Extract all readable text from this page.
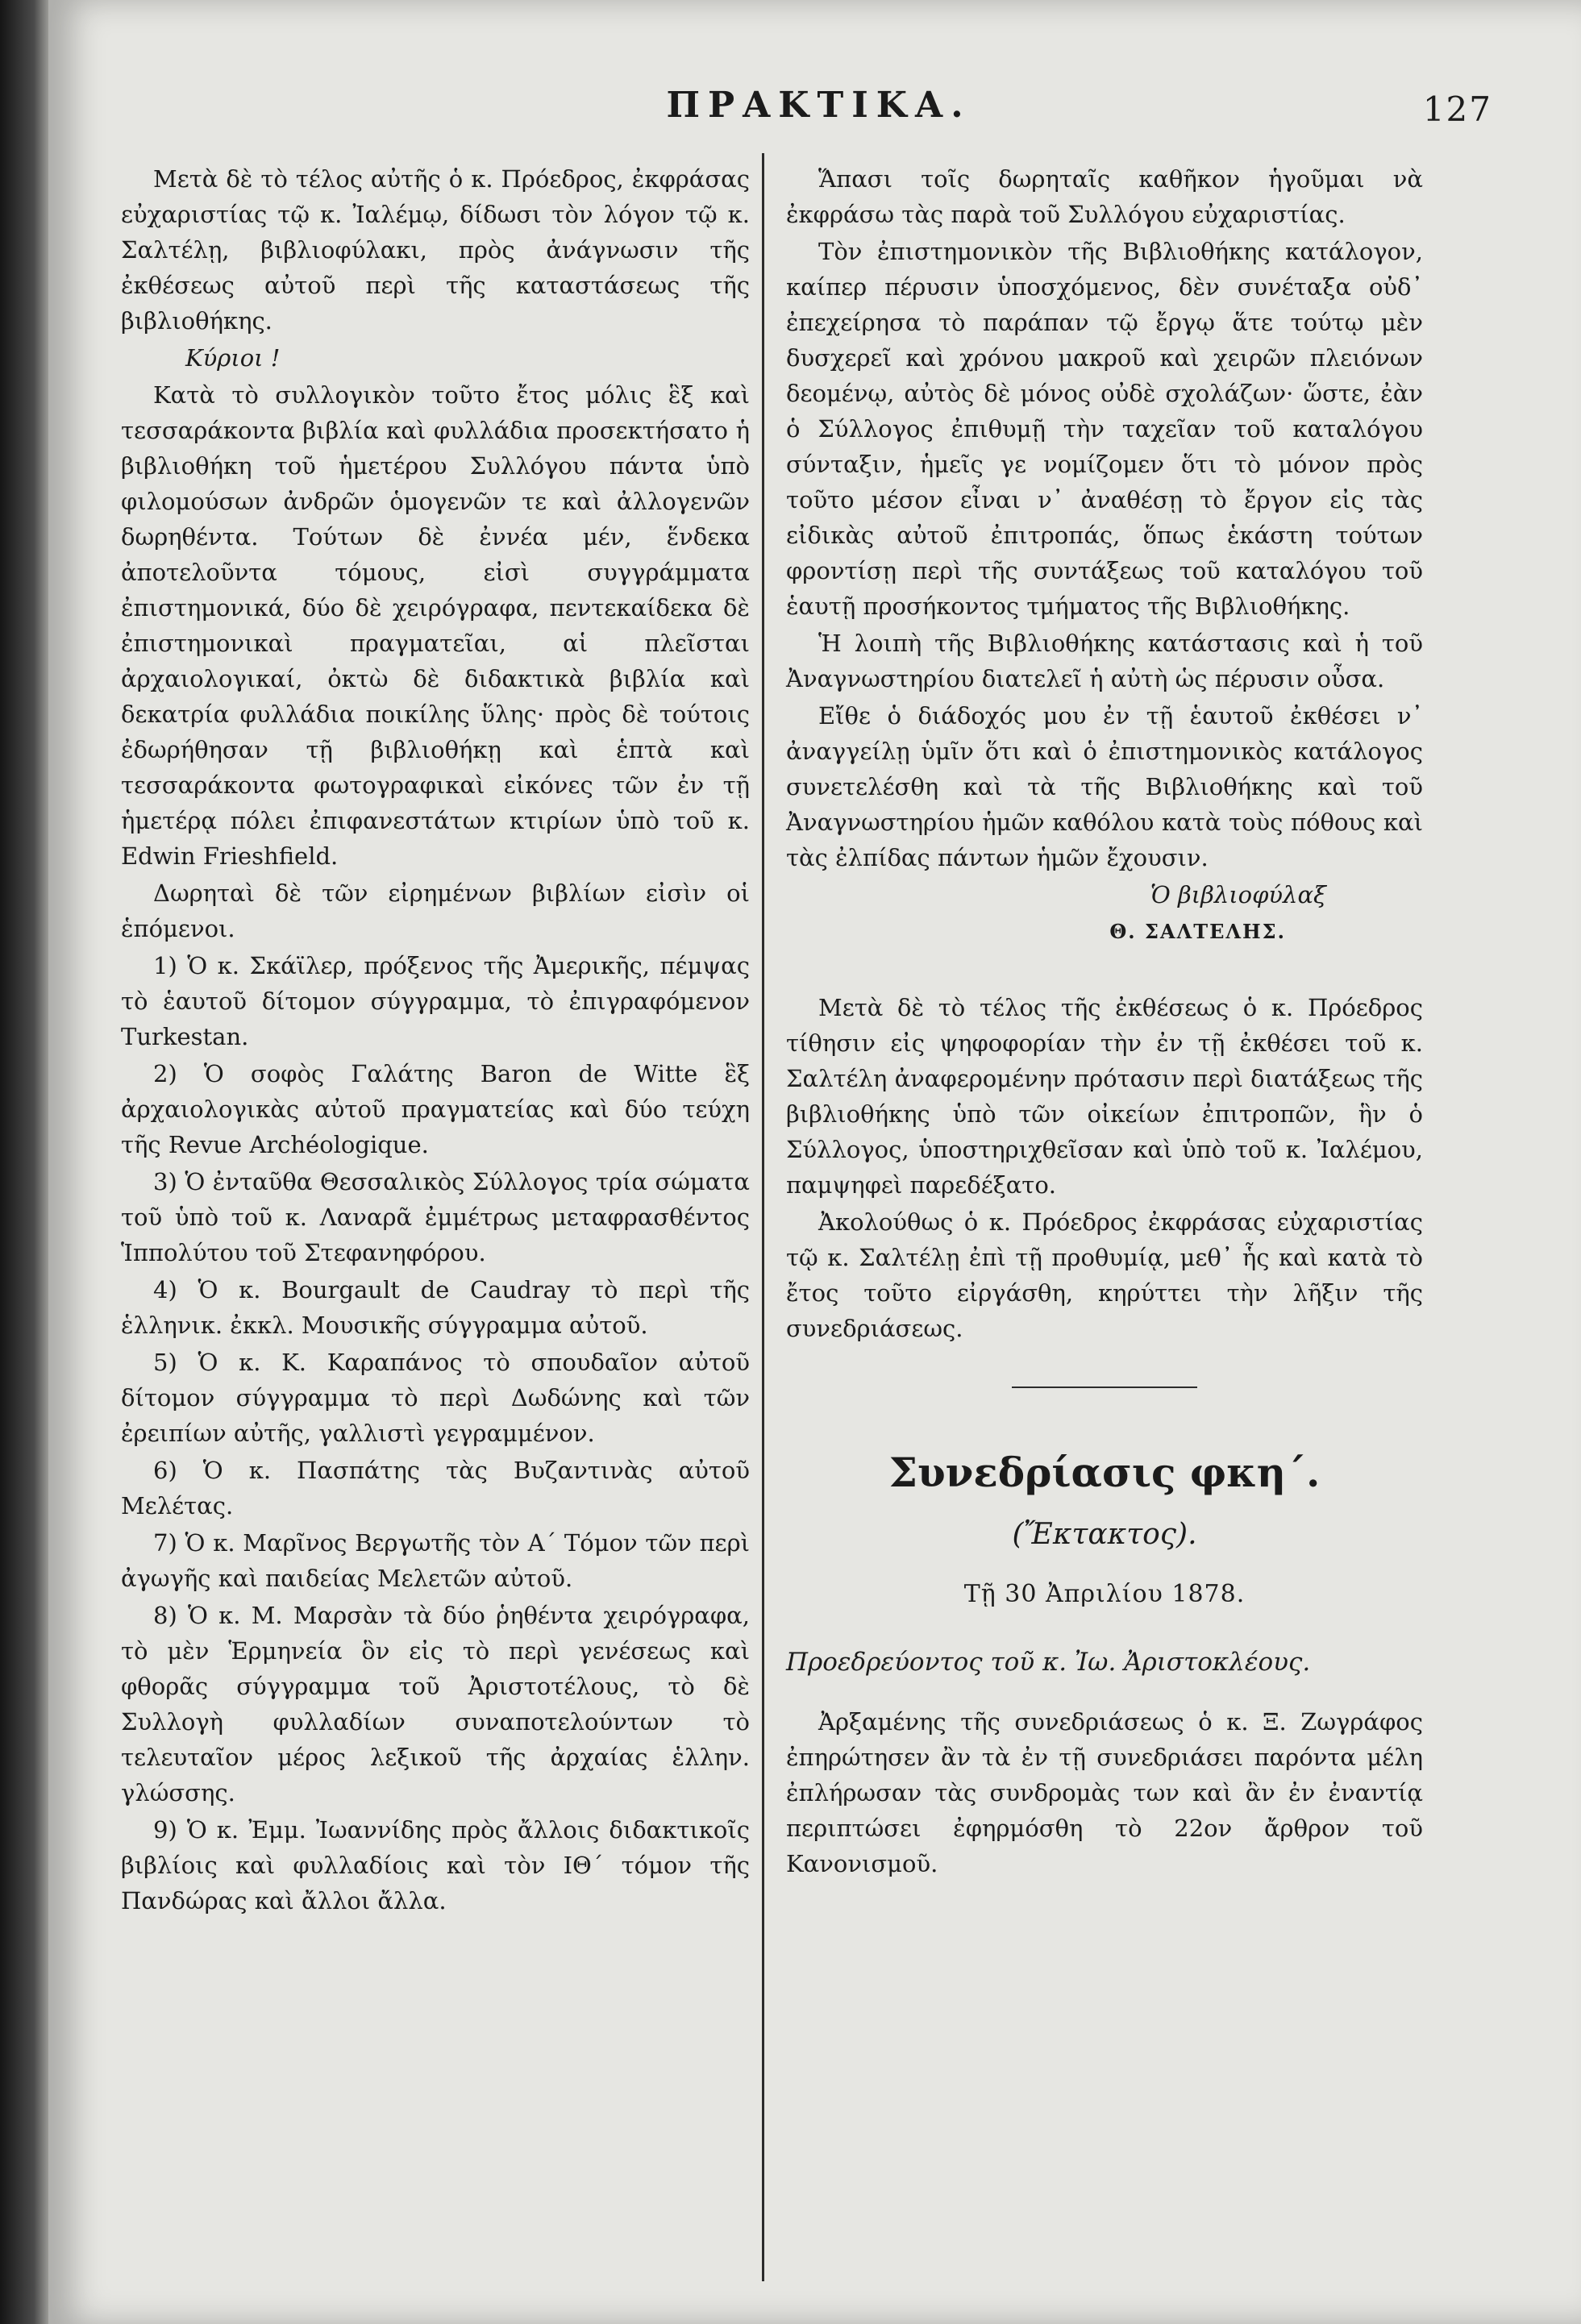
ΠΡΑΚΤΙΚΑ.	127

Μετὰ δὲ τὸ τέλος αὐτῆς ὁ κ. Πρόεδρος, ἐκφράσας εὐχαριστίας τῷ κ. Ἰαλέμῳ, δίδωσι τὸν λόγον τῷ κ. Σαλτέλῃ, βιβλιοφύλακι, πρὸς ἀνάγνωσιν τῆς ἐκθέσεως αὐτοῦ περὶ τῆς καταστάσεως τῆς βιβλιοθήκης.

Κύριοι !

Κατὰ τὸ συλλογικὸν τοῦτο ἔτος μόλις ἓξ καὶ τεσσαράκοντα βιβλία καὶ φυλλάδια προσεκτήσατο ἡ βιβλιοθήκη τοῦ ἡμετέρου Συλλόγου πάντα ὑπὸ φιλομούσων ἀνδρῶν ὁμογενῶν τε καὶ ἀλλογενῶν δωρηθέντα. Τούτων δὲ ἐννέα μέν, ἕνδεκα ἀποτελοῦντα τόμους, εἰσὶ συγγράμματα ἐπιστημονικά, δύο δὲ χειρόγραφα, πεντεκαίδεκα δὲ ἐπιστημονικαὶ πραγματεῖαι, αἱ πλεῖσται ἀρχαιολογικαί, ὀκτὼ δὲ διδακτικὰ βιβλία καὶ δεκατρία φυλλάδια ποικίλης ὕλης· πρὸς δὲ τούτοις ἐδωρήθησαν τῇ βιβλιοθήκῃ καὶ ἑπτὰ καὶ τεσσαράκοντα φωτογραφικαὶ εἰκόνες τῶν ἐν τῇ ἡμετέρᾳ πόλει ἐπιφανεστάτων κτιρίων ὑπὸ τοῦ κ. Edwin Frieshfield.

Δωρηταὶ δὲ τῶν εἰρημένων βιβλίων εἰσὶν οἱ ἑπόμενοι.

1) Ὁ κ. Σκάϊλερ, πρόξενος τῆς Ἀμερικῆς, πέμψας τὸ ἑαυτοῦ δίτομον σύγγραμμα, τὸ ἐπιγραφόμενον Turkestan.

2) Ὁ σοφὸς Γαλάτης Baron de Witte ἓξ ἀρχαιολογικὰς αὐτοῦ πραγματείας καὶ δύο τεύχη τῆς Revue Archéologique.

3) Ὁ ἐνταῦθα Θεσσαλικὸς Σύλλογος τρία σώματα τοῦ ὑπὸ τοῦ κ. Λαναρᾶ ἐμμέτρως μεταφρασθέντος Ἱππολύτου τοῦ Στεφανηφόρου.

4) Ὁ κ. Bourgault de Caudray τὸ περὶ τῆς ἑλληνικ. ἐκκλ. Μουσικῆς σύγγραμμα αὐτοῦ.

5) Ὁ κ. Κ. Καραπάνος τὸ σπουδαῖον αὐτοῦ δίτομον σύγγραμμα τὸ περὶ Δωδώνης καὶ τῶν ἐρειπίων αὐτῆς, γαλλιστὶ γεγραμμένον.

6) Ὁ κ. Πασπάτης τὰς Βυζαντινὰς αὐτοῦ Μελέτας.

7) Ὁ κ. Μαρῖνος Βεργωτῆς τὸν Α΄ Τόμον τῶν περὶ ἀγωγῆς καὶ παιδείας Μελετῶν αὐτοῦ.

8) Ὁ κ. Μ. Μαρσὰν τὰ δύο ῥηθέντα χειρόγραφα, τὸ μὲν Ἑρμηνεία ὃν εἰς τὸ περὶ γενέσεως καὶ φθορᾶς σύγγραμμα τοῦ Ἀριστοτέλους, τὸ δὲ Συλλογὴ φυλλαδίων συναποτελούντων τὸ τελευταῖον μέρος λεξικοῦ τῆς ἀρχαίας ἑλλην. γλώσσης.

9) Ὁ κ. Ἐμμ. Ἰωαννίδης πρὸς ἄλλοις διδακτικοῖς βιβλίοις καὶ φυλλαδίοις καὶ τὸν ΙΘ΄ τόμον τῆς Πανδώρας καὶ ἄλλοι ἄλλα.

Ἅπασι τοῖς δωρηταῖς καθῆκον ἡγοῦμαι νὰ ἐκφράσω τὰς παρὰ τοῦ Συλλόγου εὐχαριστίας.

Τὸν ἐπιστημονικὸν τῆς Βιβλιοθήκης κατάλογον, καίπερ πέρυσιν ὑποσχόμενος, δὲν συνέταξα οὐδ᾽ ἐπεχείρησα τὸ παράπαν τῷ ἔργῳ ἅτε τούτῳ μὲν δυσχερεῖ καὶ χρόνου μακροῦ καὶ χειρῶν πλειόνων δεομένῳ, αὐτὸς δὲ μόνος οὐδὲ σχολάζων· ὥστε, ἐὰν ὁ Σύλλογος ἐπιθυμῇ τὴν ταχεῖαν τοῦ καταλόγου σύνταξιν, ἡμεῖς γε νομίζομεν ὅτι τὸ μόνον πρὸς τοῦτο μέσον εἶναι ν᾽ ἀναθέσῃ τὸ ἔργον εἰς τὰς εἰδικὰς αὐτοῦ ἐπιτροπάς, ὅπως ἑκάστη τούτων φροντίσῃ περὶ τῆς συντάξεως τοῦ καταλόγου τοῦ ἑαυτῇ προσήκοντος τμήματος τῆς Βιβλιοθήκης.

Ἡ λοιπὴ τῆς Βιβλιοθήκης κατάστασις καὶ ἡ τοῦ Ἀναγνωστηρίου διατελεῖ ἡ αὐτὴ ὡς πέρυσιν οὖσα.

Εἴθε ὁ διάδοχός μου ἐν τῇ ἑαυτοῦ ἐκθέσει ν᾽ ἀναγγείλῃ ὑμῖν ὅτι καὶ ὁ ἐπιστημονικὸς κατάλογος συνετελέσθη καὶ τὰ τῆς Βιβλιοθήκης καὶ τοῦ Ἀναγνωστηρίου ἡμῶν καθόλου κατὰ τοὺς πόθους καὶ τὰς ἐλπίδας πάντων ἡμῶν ἔχουσιν.

Ὁ βιβλιοφύλαξ

Θ. ΣΑΛΤΕΛΗΣ.

Μετὰ δὲ τὸ τέλος τῆς ἐκθέσεως ὁ κ. Πρόεδρος τίθησιν εἰς ψηφοφορίαν τὴν ἐν τῇ ἐκθέσει τοῦ κ. Σαλτέλη ἀναφερομένην πρότασιν περὶ διατάξεως τῆς βιβλιοθήκης ὑπὸ τῶν οἰκείων ἐπιτροπῶν, ἣν ὁ Σύλλογος, ὑποστηριχθεῖσαν καὶ ὑπὸ τοῦ κ. Ἰαλέμου, παμψηφεὶ παρεδέξατο.

Ἀκολούθως ὁ κ. Πρόεδρος ἐκφράσας εὐχαριστίας τῷ κ. Σαλτέλῃ ἐπὶ τῇ προθυμίᾳ, μεθ᾽ ἧς καὶ κατὰ τὸ ἔτος τοῦτο εἰργάσθη, κηρύττει τὴν λῆξιν τῆς συνεδριάσεως.

Συνεδρίασις φκη΄.

(Ἔκτακτος).

Τῇ 30 Ἀπριλίου 1878.

Προεδρεύοντος τοῦ κ. Ἰω. Ἀριστοκλέους.

Ἀρξαμένης τῆς συνεδριάσεως ὁ κ. Ξ. Ζωγράφος ἐπηρώτησεν ἂν τὰ ἐν τῇ συνεδριάσει παρόντα μέλη ἐπλήρωσαν τὰς συνδρομὰς των καὶ ἂν ἐν ἐναντίᾳ περιπτώσει ἐφηρμόσθη τὸ 22ον ἄρθρον τοῦ Κανονισμοῦ.
